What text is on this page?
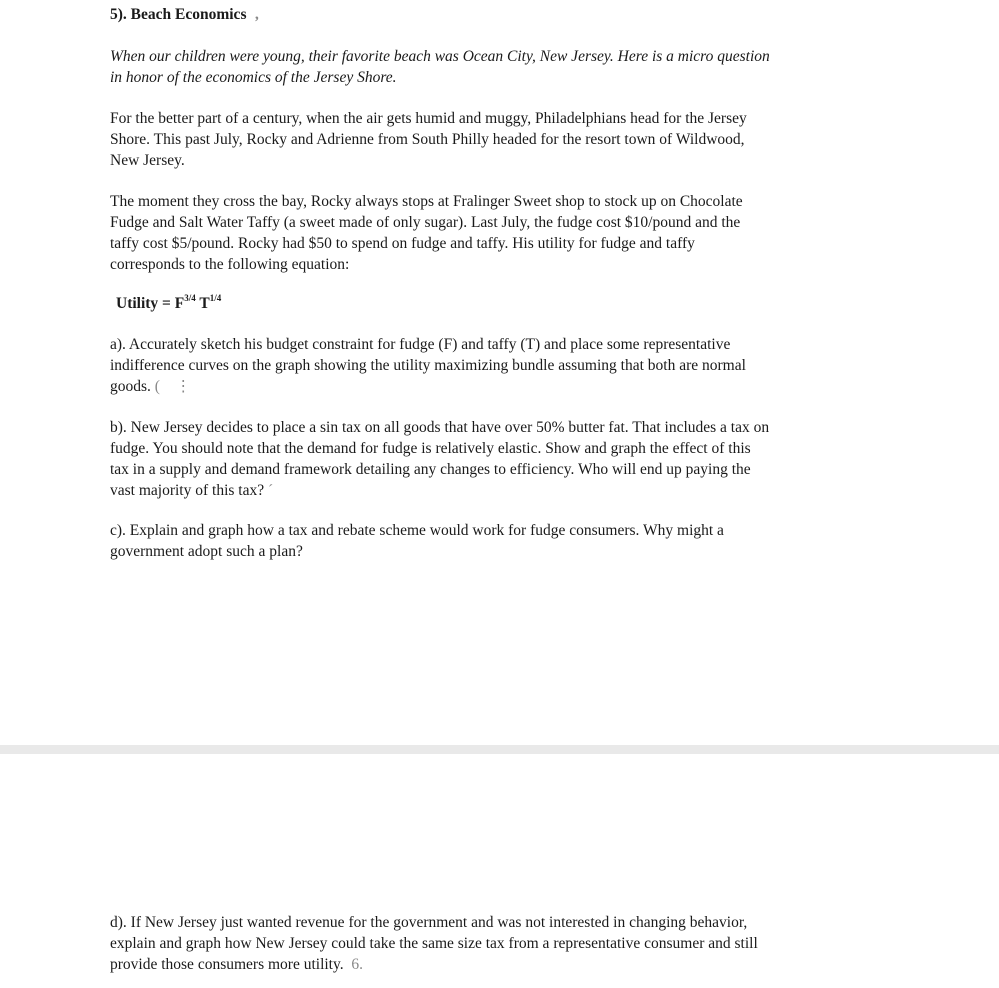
5). Beach Economics  ‚
When our children were young, their favorite beach was Ocean City, New Jersey. Here is a micro question
in honor of the economics of the Jersey Shore.
For the better part of a century, when the air gets humid and muggy, Philadelphians head for the Jersey
Shore. This past July, Rocky and Adrienne from South Philly headed for the resort town of Wildwood,
New Jersey.
The moment they cross the bay, Rocky always stops at Fralinger Sweet shop to stock up on Chocolate
Fudge and Salt Water Taffy (a sweet made of only sugar). Last July, the fudge cost $10/pound and the
taffy cost $5/pound. Rocky had $50 to spend on fudge and taffy. His utility for fudge and taffy
corresponds to the following equation:
Utility = $F^{3/4}$ $T^{1/4}$
a). Accurately sketch his budget constraint for fudge (F) and taffy (T) and place some representative
indifference curves on the graph showing the utility maximizing bundle assuming that both are normal
goods. (    ⋮
b). New Jersey decides to place a sin tax on all goods that have over 50% butter fat. That includes a tax on
fudge. You should note that the demand for fudge is relatively elastic. Show and graph the effect of this
tax in a supply and demand framework detailing any changes to efficiency. Who will end up paying the
vast majority of this tax? ´
c). Explain and graph how a tax and rebate scheme would work for fudge consumers. Why might a
government adopt such a plan?
d). If New Jersey just wanted revenue for the government and was not interested in changing behavior,
explain and graph how New Jersey could take the same size tax from a representative consumer and still
provide those consumers more utility.  6.
